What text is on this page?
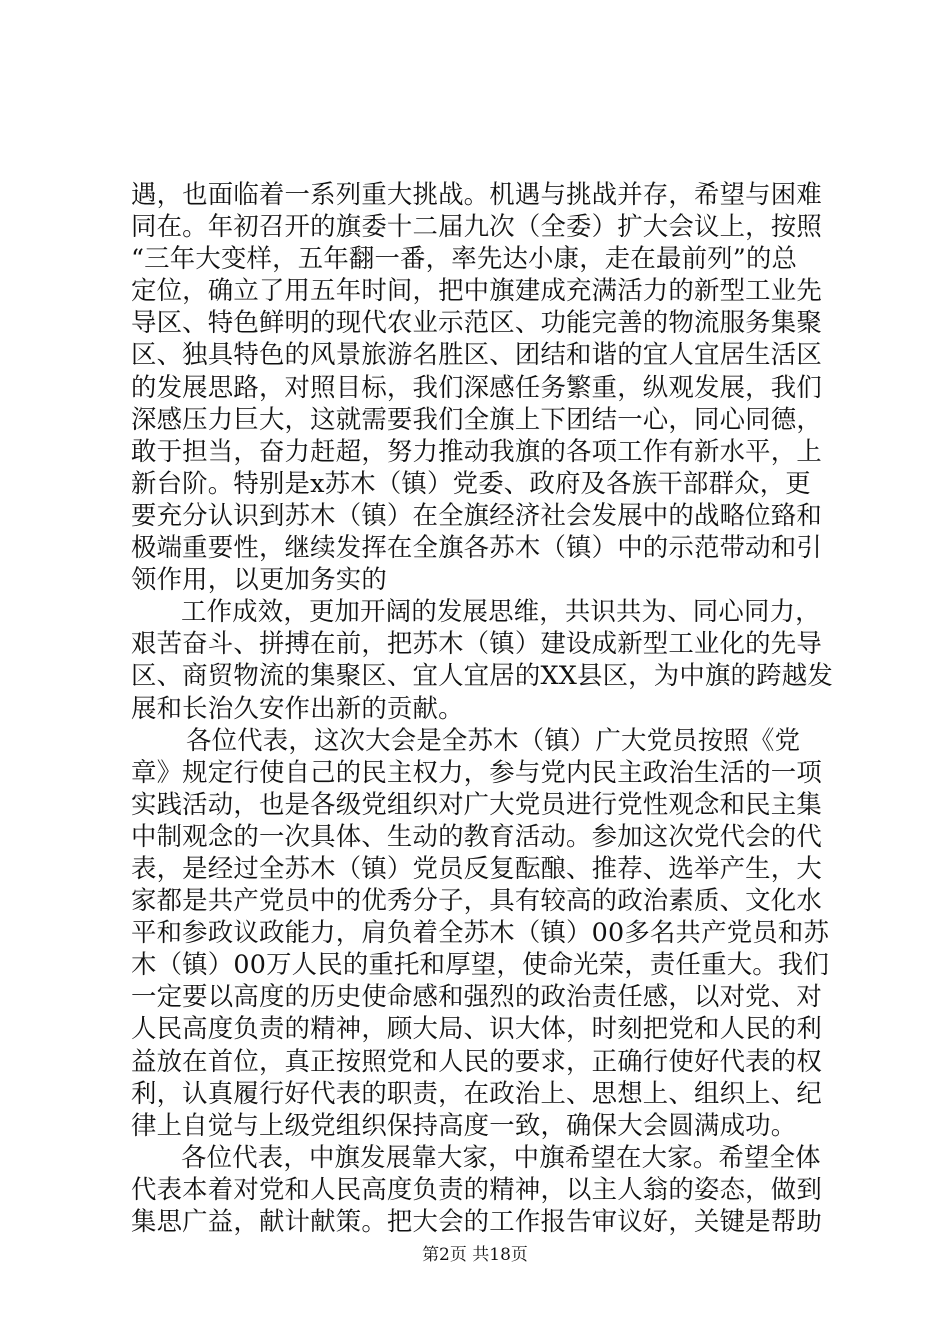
遇，也面临着一系列重大挑战。机遇与挑战并存，希望与困难
同在。年初召开的旗委十二届九次（全委）扩大会议上，按照
“三年大变样，五年翻一番，率先达小康，走在最前列”的总
定位，确立了用五年时间，把中旗建成充满活力的新型工业先
导区、特色鲜明的现代农业示范区、功能完善的物流服务集聚
区、独具特色的风景旅游名胜区、团结和谐的宜人宜居生活区
的发展思路，对照目标，我们深感任务繁重，纵观发展，我们
深感压力巨大，这就需要我们全旗上下团结一心，同心同德，
敢于担当，奋力赶超，努力推动我旗的各项工作有新水平，上
新台阶。特别是x苏木（镇）党委、政府及各族干部群众，更
要充分认识到苏木（镇）在全旗经济社会发展中的战略位臵和
极端重要性，继续发挥在全旗各苏木（镇）中的示范带动和引
领作用，以更加务实的
工作成效，更加开阔的发展思维，共识共为、同心同力，
艰苦奋斗、拼搏在前，把苏木（镇）建设成新型工业化的先导
区、商贸物流的集聚区、宜人宜居的XX县区，为中旗的跨越发
展和长治久安作出新的贡献。
各位代表，这次大会是全苏木（镇）广大党员按照《党
章》规定行使自己的民主权力，参与党内民主政治生活的一项
实践活动，也是各级党组织对广大党员进行党性观念和民主集
中制观念的一次具体、生动的教育活动。参加这次党代会的代
表，是经过全苏木（镇）党员反复酝酿、推荐、选举产生，大
家都是共产党员中的优秀分子，具有较高的政治素质、文化水
平和参政议政能力，肩负着全苏木（镇）00多名共产党员和苏
木（镇）00万人民的重托和厚望，使命光荣，责任重大。我们
一定要以高度的历史使命感和强烈的政治责任感，以对党、对
人民高度负责的精神，顾大局、识大体，时刻把党和人民的利
益放在首位，真正按照党和人民的要求，正确行使好代表的权
利，认真履行好代表的职责，在政治上、思想上、组织上、纪
律上自觉与上级党组织保持高度一致，确保大会圆满成功。
各位代表，中旗发展靠大家，中旗希望在大家。希望全体
代表本着对党和人民高度负责的精神，以主人翁的姿态，做到
集思广益，献计献策。把大会的工作报告审议好，关键是帮助
第2页 共18页
